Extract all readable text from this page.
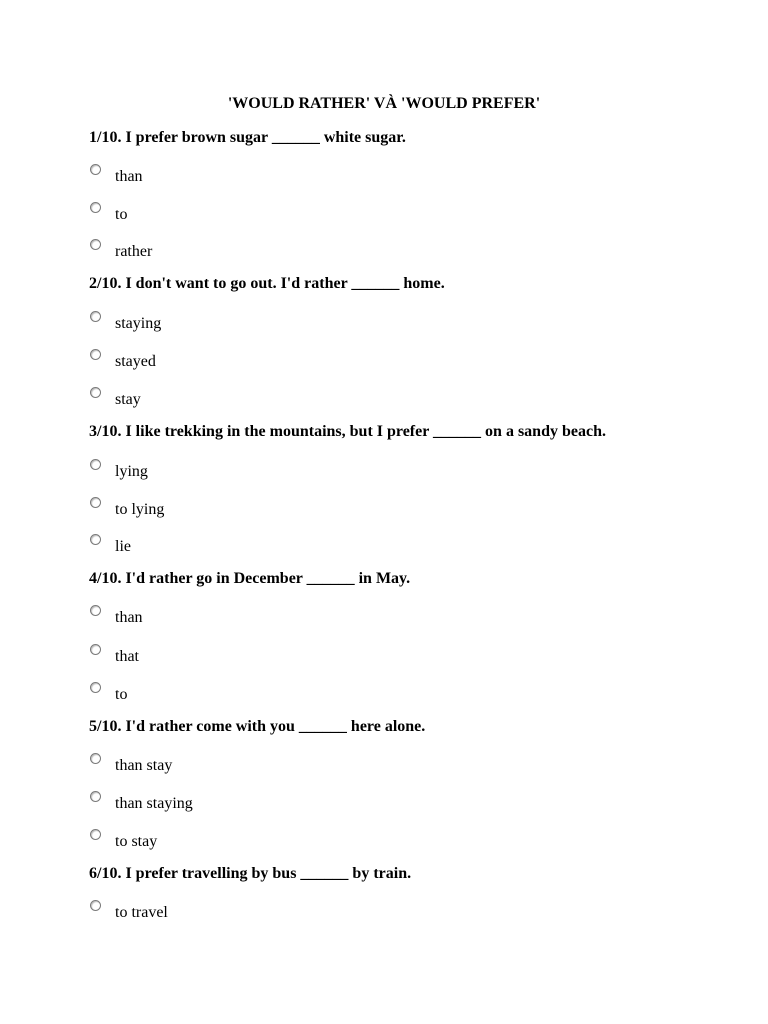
'WOULD RATHER' VÀ 'WOULD PREFER'
1/10. I prefer brown sugar ______ white sugar.
than
to
rather
2/10. I don't want to go out. I'd rather ______ home.
staying
stayed
stay
3/10. I like trekking in the mountains, but I prefer ______ on a sandy beach.
lying
to lying
lie
4/10. I'd rather go in December ______ in May.
than
that
to
5/10. I'd rather come with you ______ here alone.
than stay
than staying
to stay
6/10. I prefer travelling by bus ______ by train.
to travel
